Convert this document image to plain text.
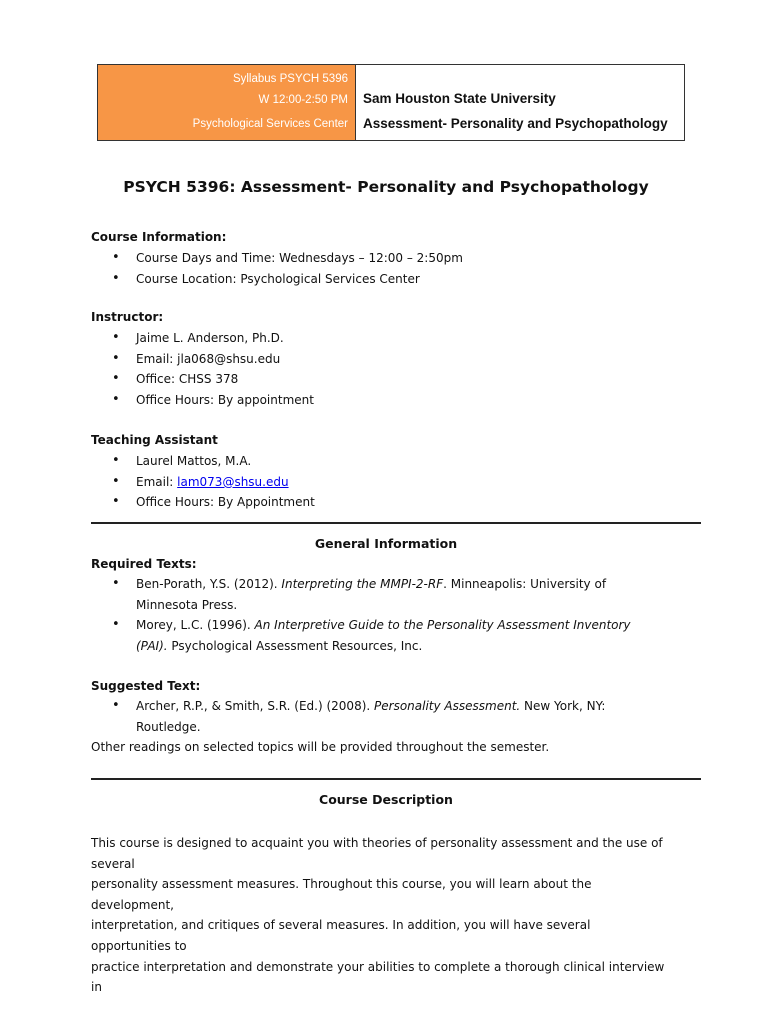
Syllabus PSYCH 5396
W 12:00-2:50 PM
Psychological Services Center
Sam Houston State University
Assessment- Personality and Psychopathology
PSYCH 5396: Assessment- Personality and Psychopathology
Course Information:
• Course Days and Time: Wednesdays – 12:00 – 2:50pm
• Course Location: Psychological Services Center
Instructor:
• Jaime L. Anderson, Ph.D.
• Email: jla068@shsu.edu
• Office: CHSS 378
• Office Hours: By appointment
Teaching Assistant
• Laurel Mattos, M.A.
• Email: lam073@shsu.edu
• Office Hours: By Appointment
General Information
Required Texts:
• Ben-Porath, Y.S. (2012). Interpreting the MMPI-2-RF. Minneapolis: University of Minnesota Press.
• Morey, L.C. (1996). An Interpretive Guide to the Personality Assessment Inventory (PAI). Psychological Assessment Resources, Inc.
Suggested Text:
• Archer, R.P., & Smith, S.R. (Ed.) (2008). Personality Assessment. New York, NY: Routledge.
Other readings on selected topics will be provided throughout the semester.
Course Description
This course is designed to acquaint you with theories of personality assessment and the use of several
personality assessment measures. Throughout this course, you will learn about the development,
interpretation, and critiques of several measures. In addition, you will have several opportunities to
practice interpretation and demonstrate your abilities to complete a thorough clinical interview in
